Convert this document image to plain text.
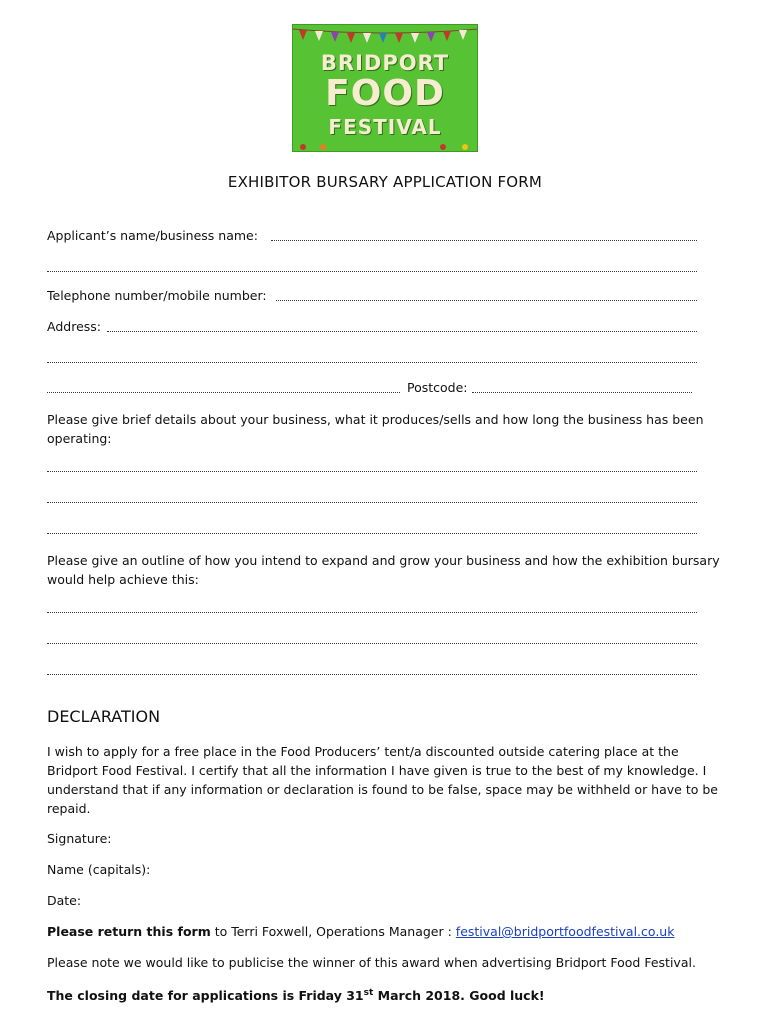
BRIDPORT
FOOD
FESTIVAL
EXHIBITOR BURSARY APPLICATION FORM
Applicant’s name/business name:
Telephone number/mobile number:
Address:
Postcode:
Please give brief details about your business, what it produces/sells and how long the business has been operating:
Please give an outline of how you intend to expand and grow your business and how the exhibition bursary would help achieve this:
DECLARATION
I wish to apply for a free place in the Food Producers’ tent/a discounted outside catering place at the Bridport Food Festival. I certify that all the information I have given is true to the best of my knowledge. I understand that if any information or declaration is found to be false, space may be withheld or have to be repaid.
Signature:
Name (capitals):
Date:
Please return this form to Terri Foxwell, Operations Manager : festival@bridportfoodfestival.co.uk
Please note we would like to publicise the winner of this award when advertising Bridport Food Festival.
The closing date for applications is Friday 31st March 2018. Good luck!
